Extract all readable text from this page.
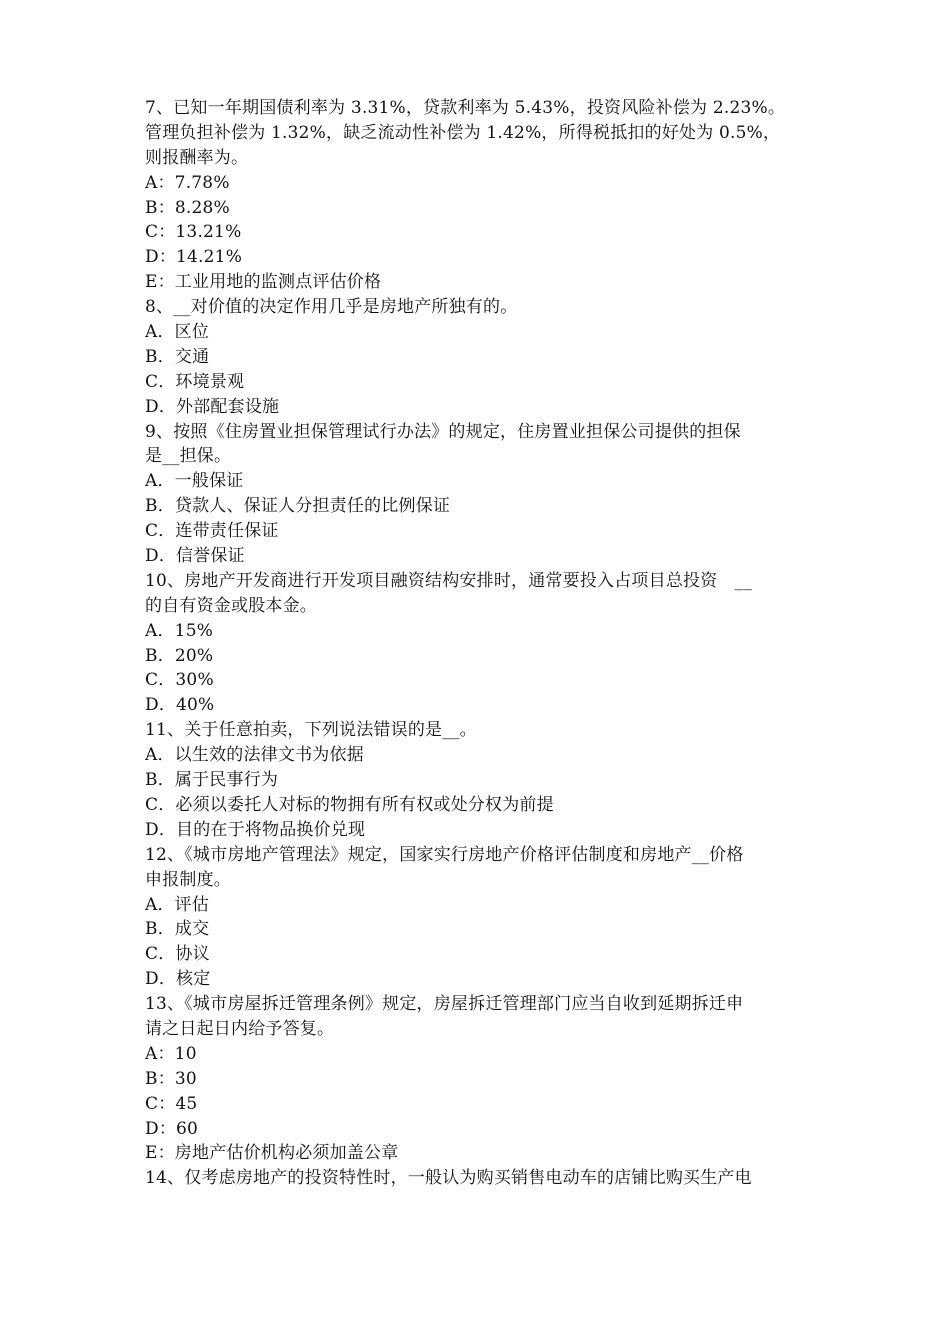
7、已知一年期国债利率为 3.31%，贷款利率为 5.43%，投资风险补偿为 2.23%。
管理负担补偿为 1.32%，缺乏流动性补偿为 1.42%，所得税抵扣的好处为 0.5%，
则报酬率为。
A：7.78%
B：8.28%
C：13.21%
D：14.21%
E：工业用地的监测点评估价格
8、__对价值的决定作用几乎是房地产所独有的。
A．区位
B．交通
C．环境景观
D．外部配套设施
9、按照《住房置业担保管理试行办法》的规定，住房置业担保公司提供的担保
是__担保。
A．一般保证
B．贷款人、保证人分担责任的比例保证
C．连带责任保证
D．信誉保证
10、房地产开发商进行开发项目融资结构安排时，通常要投入占项目总投资　__
的自有资金或股本金。
A．15%
B．20%
C．30%
D．40%
11、关于任意拍卖，下列说法错误的是__。
A．以生效的法律文书为依据
B．属于民事行为
C．必须以委托人对标的物拥有所有权或处分权为前提
D．目的在于将物品换价兑现
12、《城市房地产管理法》规定，国家实行房地产价格评估制度和房地产__价格
申报制度。
A．评估
B．成交
C．协议
D．核定
13、《城市房屋拆迁管理条例》规定，房屋拆迁管理部门应当自收到延期拆迁申
请之日起日内给予答复。
A：10
B：30
C：45
D：60
E：房地产估价机构必须加盖公章
14、仅考虑房地产的投资特性时，一般认为购买销售电动车的店铺比购买生产电
